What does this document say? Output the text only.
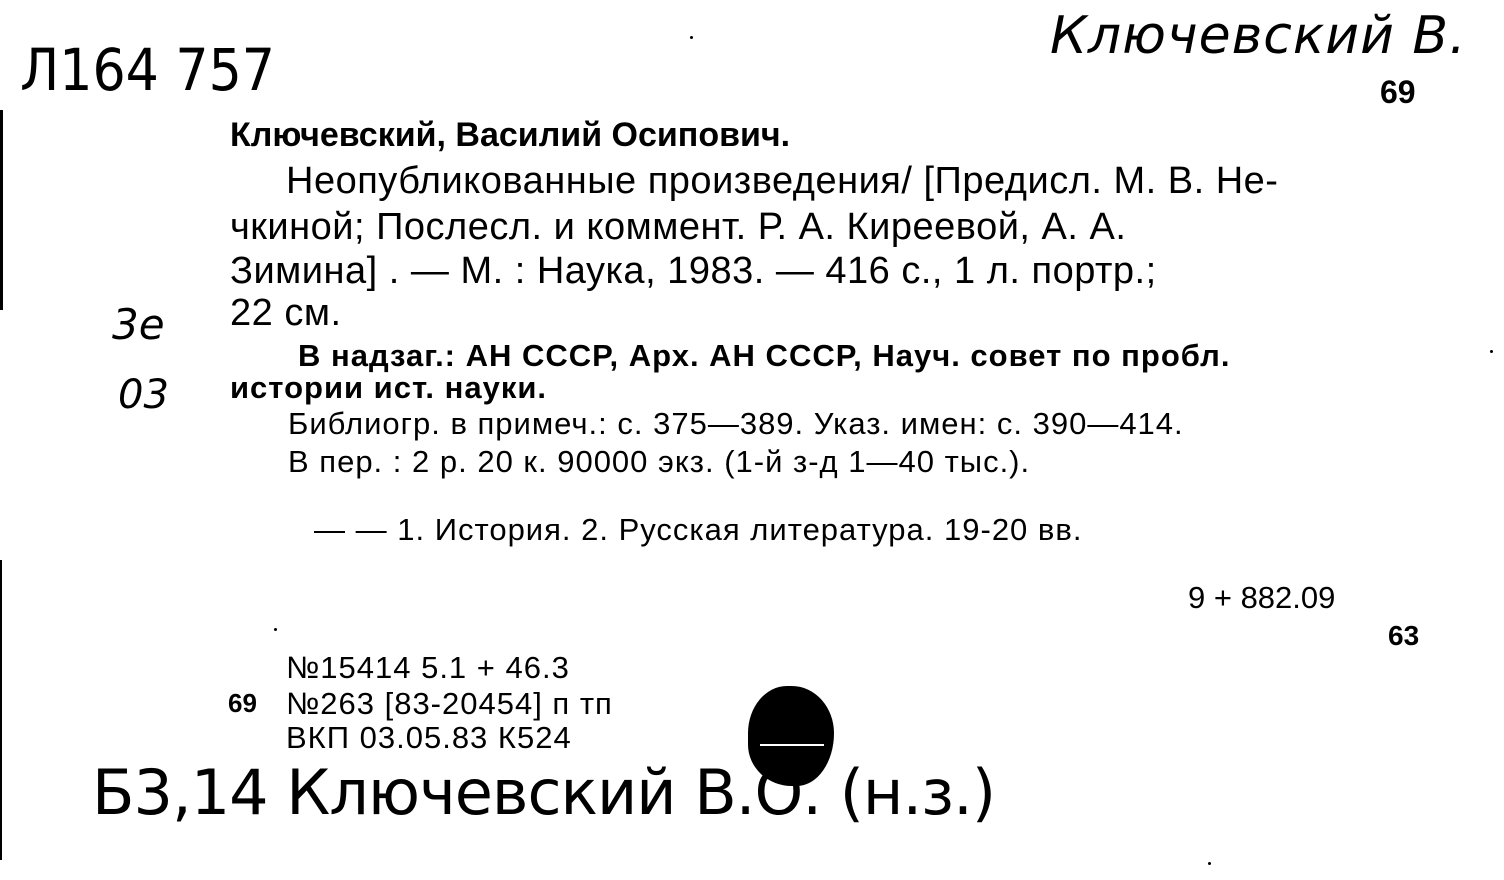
Ключевский В.
Л164 757
3е
03
69
Ключевский, Василий Осипович.
Неопубликованные произведения/ [Предисл. М. В. Не-
чкиной; Послесл. и коммент. Р. А. Киреевой, А. А.
Зимина] . — М. : Наука, 1983. — 416 с., 1 л. портр.;
22 см.
В надзаг.: АН СССР, Арх. АН СССР, Науч. совет по пробл.
истории ист. науки.
Библиогр. в примеч.: с. 375—389. Указ. имен: с. 390—414.
В пер. : 2 р. 20 к. 90000 экз. (1-й з-д 1—40 тыс.).
— — 1. История. 2. Русская литература. 19-20 вв.
9 + 882.09
63
№15414 5.1 + 46.3
69 №263 [83-20454] п тп
ВКП 03.05.83 К524
Б3,14 Ключевский В.О. (н.з.)
